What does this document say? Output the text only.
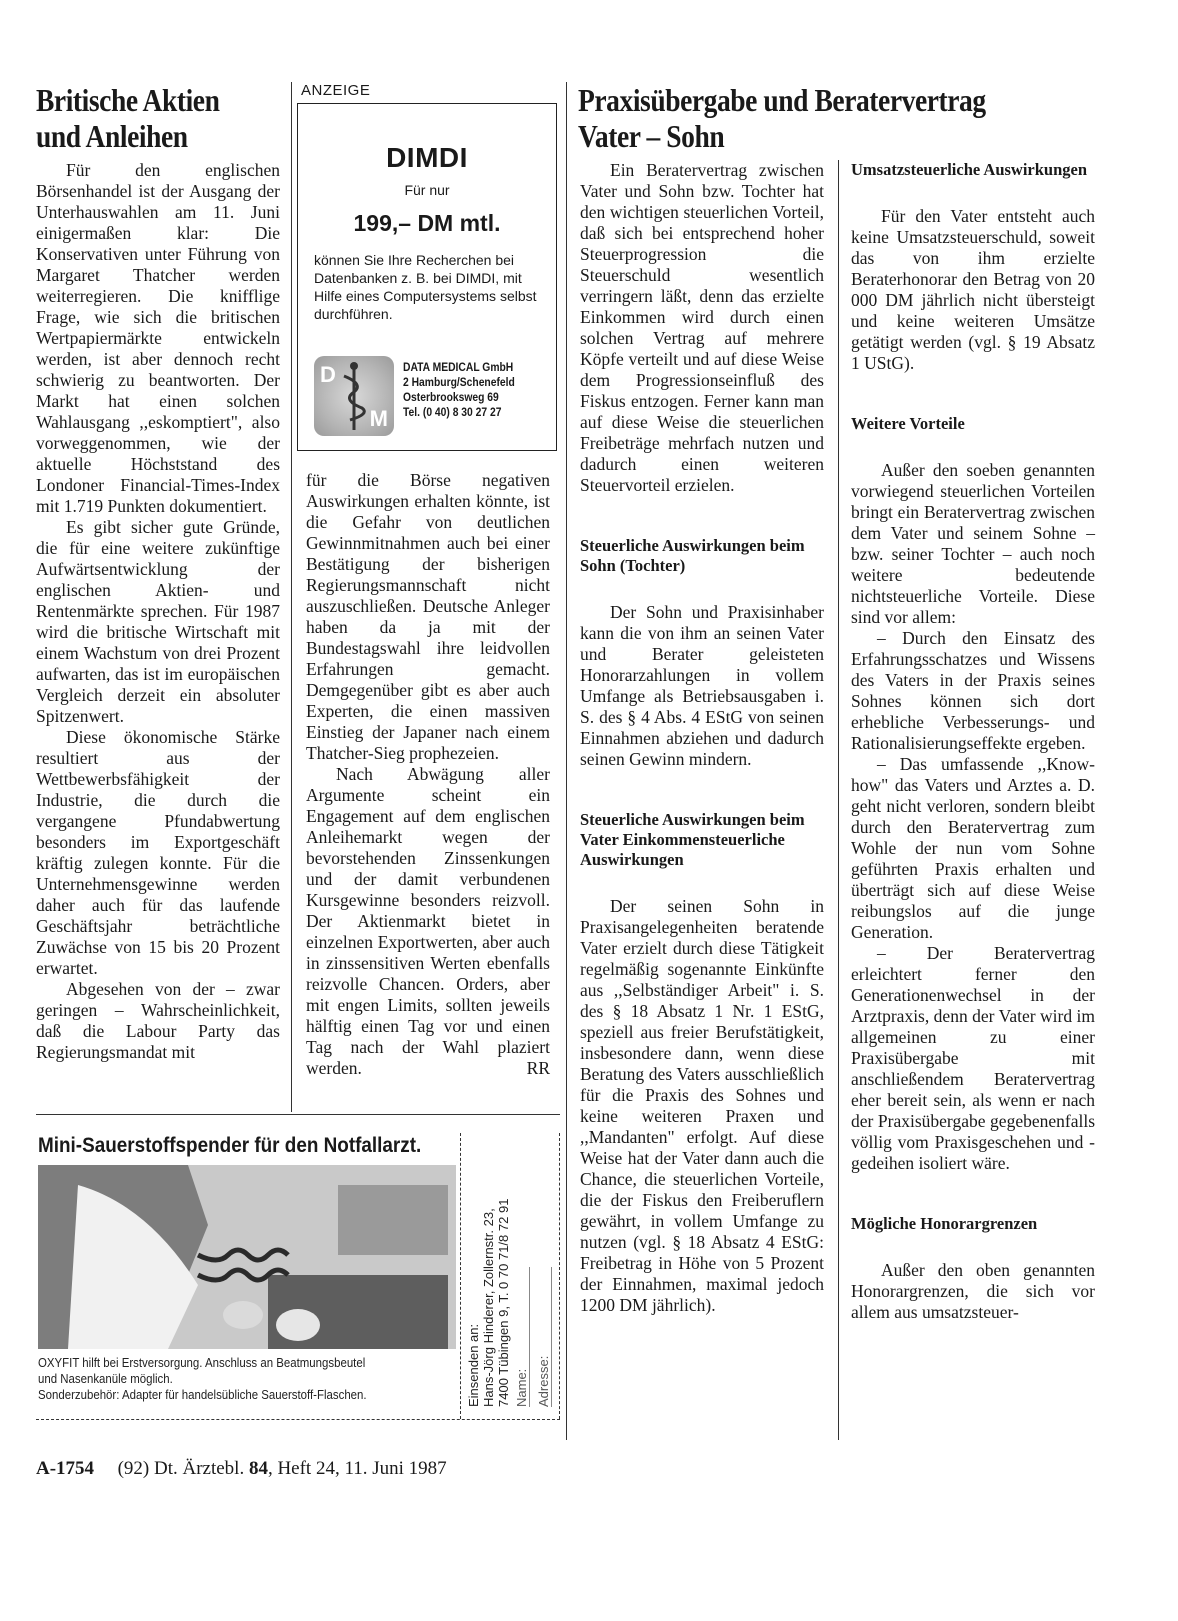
Britische Aktien
und Anleihen

Für den englischen Börsenhandel ist der Ausgang der Unterhauswahlen am 11. Juni einigermaßen klar: Die Konservativen unter Führung von Margaret Thatcher werden weiterregieren. Die knifflige Frage, wie sich die britischen Wertpapiermärkte entwickeln werden, ist aber dennoch recht schwierig zu beantworten. Der Markt hat einen solchen Wahlausgang ,,eskomptiert", also vorweggenommen, wie der aktuelle Höchststand des Londoner Financial-Times-Index mit 1.719 Punkten dokumentiert.

Es gibt sicher gute Gründe, die für eine weitere zukünftige Aufwärtsentwicklung der englischen Aktien- und Rentenmärkte sprechen. Für 1987 wird die britische Wirtschaft mit einem Wachstum von drei Prozent aufwarten, das ist im europäischen Vergleich derzeit ein absoluter Spitzenwert.

Diese ökonomische Stärke resultiert aus der Wettbewerbsfähigkeit der Industrie, die durch die vergangene Pfundabwertung besonders im Exportgeschäft kräftig zulegen konnte. Für die Unternehmensgewinne werden daher auch für das laufende Geschäftsjahr beträchtliche Zuwächse von 15 bis 20 Prozent erwartet.

Abgesehen von der – zwar geringen – Wahrscheinlichkeit, daß die Labour Party das Regierungsmandat mit

ANZEIGE
DIMDI
Für nur
199,– DM mtl.
können Sie Ihre Recherchen bei Datenbanken z. B. bei DIMDI, mit Hilfe eines Computersystems selbst durchführen.
D
M
DATA MEDICAL GmbH
2 Hamburg/Schenefeld
Osterbrooksweg 69
Tel. (0 40) 8 30 27 27

für die Börse negativen Auswirkungen erhalten könnte, ist die Gefahr von deutlichen Gewinnmitnahmen auch bei einer Bestätigung der bisherigen Regierungsmannschaft nicht auszuschließen. Deutsche Anleger haben da ja mit der Bundestagswahl ihre leidvollen Erfahrungen gemacht. Demgegenüber gibt es aber auch Experten, die einen massiven Einstieg der Japaner nach einem Thatcher-Sieg prophezeien.

Nach Abwägung aller Argumente scheint ein Engagement auf dem englischen Anleihemarkt wegen der bevorstehenden Zinssenkungen und der damit verbundenen Kursgewinne besonders reizvoll. Der Aktienmarkt bietet in einzelnen Exportwerten, aber auch in zinssensitiven Werten ebenfalls reizvolle Chancen. Orders, aber mit engen Limits, sollten jeweils hälftig einen Tag vor und einen Tag nach der Wahl plaziert werden.	RR

Mini-Sauerstoffspender für den Notfallarzt.
OXYFIT hilft bei Erstversorgung. Anschluss an Beatmungsbeutel
und Nasenkanüle möglich.
Sonderzubehör: Adapter für handelsübliche Sauerstoff-Flaschen.	Einsenden an: Hans-Jörg Hinderer, Zollernstr. 23, 7400 Tübingen 9, T. 0 70 71/8 72 91 Name: Adresse:
Praxisübergabe und Beratervertrag
Vater – Sohn

Ein Beratervertrag zwischen Vater und Sohn bzw. Tochter hat den wichtigen steuerlichen Vorteil, daß sich bei entsprechend hoher Steuerprogression die Steuerschuld wesentlich verringern läßt, denn das erzielte Einkommen wird durch einen solchen Vertrag auf mehrere Köpfe verteilt und auf diese Weise dem Progressionseinfluß des Fiskus entzogen. Ferner kann man auf diese Weise die steuerlichen Freibeträge mehrfach nutzen und dadurch einen weiteren Steuervorteil erzielen.

Steuerliche Auswirkungen beim Sohn (Tochter)

Der Sohn und Praxisinhaber kann die von ihm an seinen Vater und Berater geleisteten Honorarzahlungen in vollem Umfange als Betriebsausgaben i. S. des § 4 Abs. 4 EStG von seinen Einnahmen abziehen und dadurch seinen Gewinn mindern.

Steuerliche Auswirkungen beim Vater Einkommensteuerliche Auswirkungen

Der seinen Sohn in Praxisangelegenheiten beratende Vater erzielt durch diese Tätigkeit regelmäßig sogenannte Einkünfte aus ,,Selbständiger Arbeit" i. S. des § 18 Absatz 1 Nr. 1 EStG, speziell aus freier Berufstätigkeit, insbesondere dann, wenn diese Beratung des Vaters ausschließlich für die Praxis des Sohnes und keine weiteren Praxen und ,,Mandanten" erfolgt. Auf diese Weise hat der Vater dann auch die Chance, die steuerlichen Vorteile, die der Fiskus den Freiberuflern gewährt, in vollem Umfange zu nutzen (vgl. § 18 Absatz 4 EStG: Freibetrag in Höhe von 5 Prozent der Einnahmen, maximal jedoch 1200 DM jährlich).

Umsatzsteuerliche Auswirkungen

Für den Vater entsteht auch keine Umsatzsteuerschuld, soweit das von ihm erzielte Beraterhonorar den Betrag von 20 000 DM jährlich nicht übersteigt und keine weiteren Umsätze getätigt werden (vgl. § 19 Absatz 1 UStG).

Weitere Vorteile

Außer den soeben genannten vorwiegend steuerlichen Vorteilen bringt ein Beratervertrag zwischen dem Vater und seinem Sohne – bzw. seiner Tochter – auch noch weitere bedeutende nichtsteuerliche Vorteile. Diese sind vor allem:

– Durch den Einsatz des Erfahrungsschatzes und Wissens des Vaters in der Praxis seines Sohnes können sich dort erhebliche Verbesserungs- und Rationalisierungseffekte ergeben.

– Das umfassende ,,Know-how" das Vaters und Arztes a. D. geht nicht verloren, sondern bleibt durch den Beratervertrag zum Wohle der nun vom Sohne geführten Praxis erhalten und überträgt sich auf diese Weise reibungslos auf die junge Generation.

– Der Beratervertrag erleichtert ferner den Generationenwechsel in der Arztpraxis, denn der Vater wird im allgemeinen zu einer Praxisübergabe mit anschließendem Beratervertrag eher bereit sein, als wenn er nach der Praxisübergabe gegebenenfalls völlig vom Praxisgeschehen und -gedeihen isoliert wäre.

Mögliche Honorargrenzen

Außer den oben genannten Honorargrenzen, die sich vor allem aus umsatzsteuer-

A-1754 (92) Dt. Ärztebl. 84, Heft 24, 11. Juni 1987
